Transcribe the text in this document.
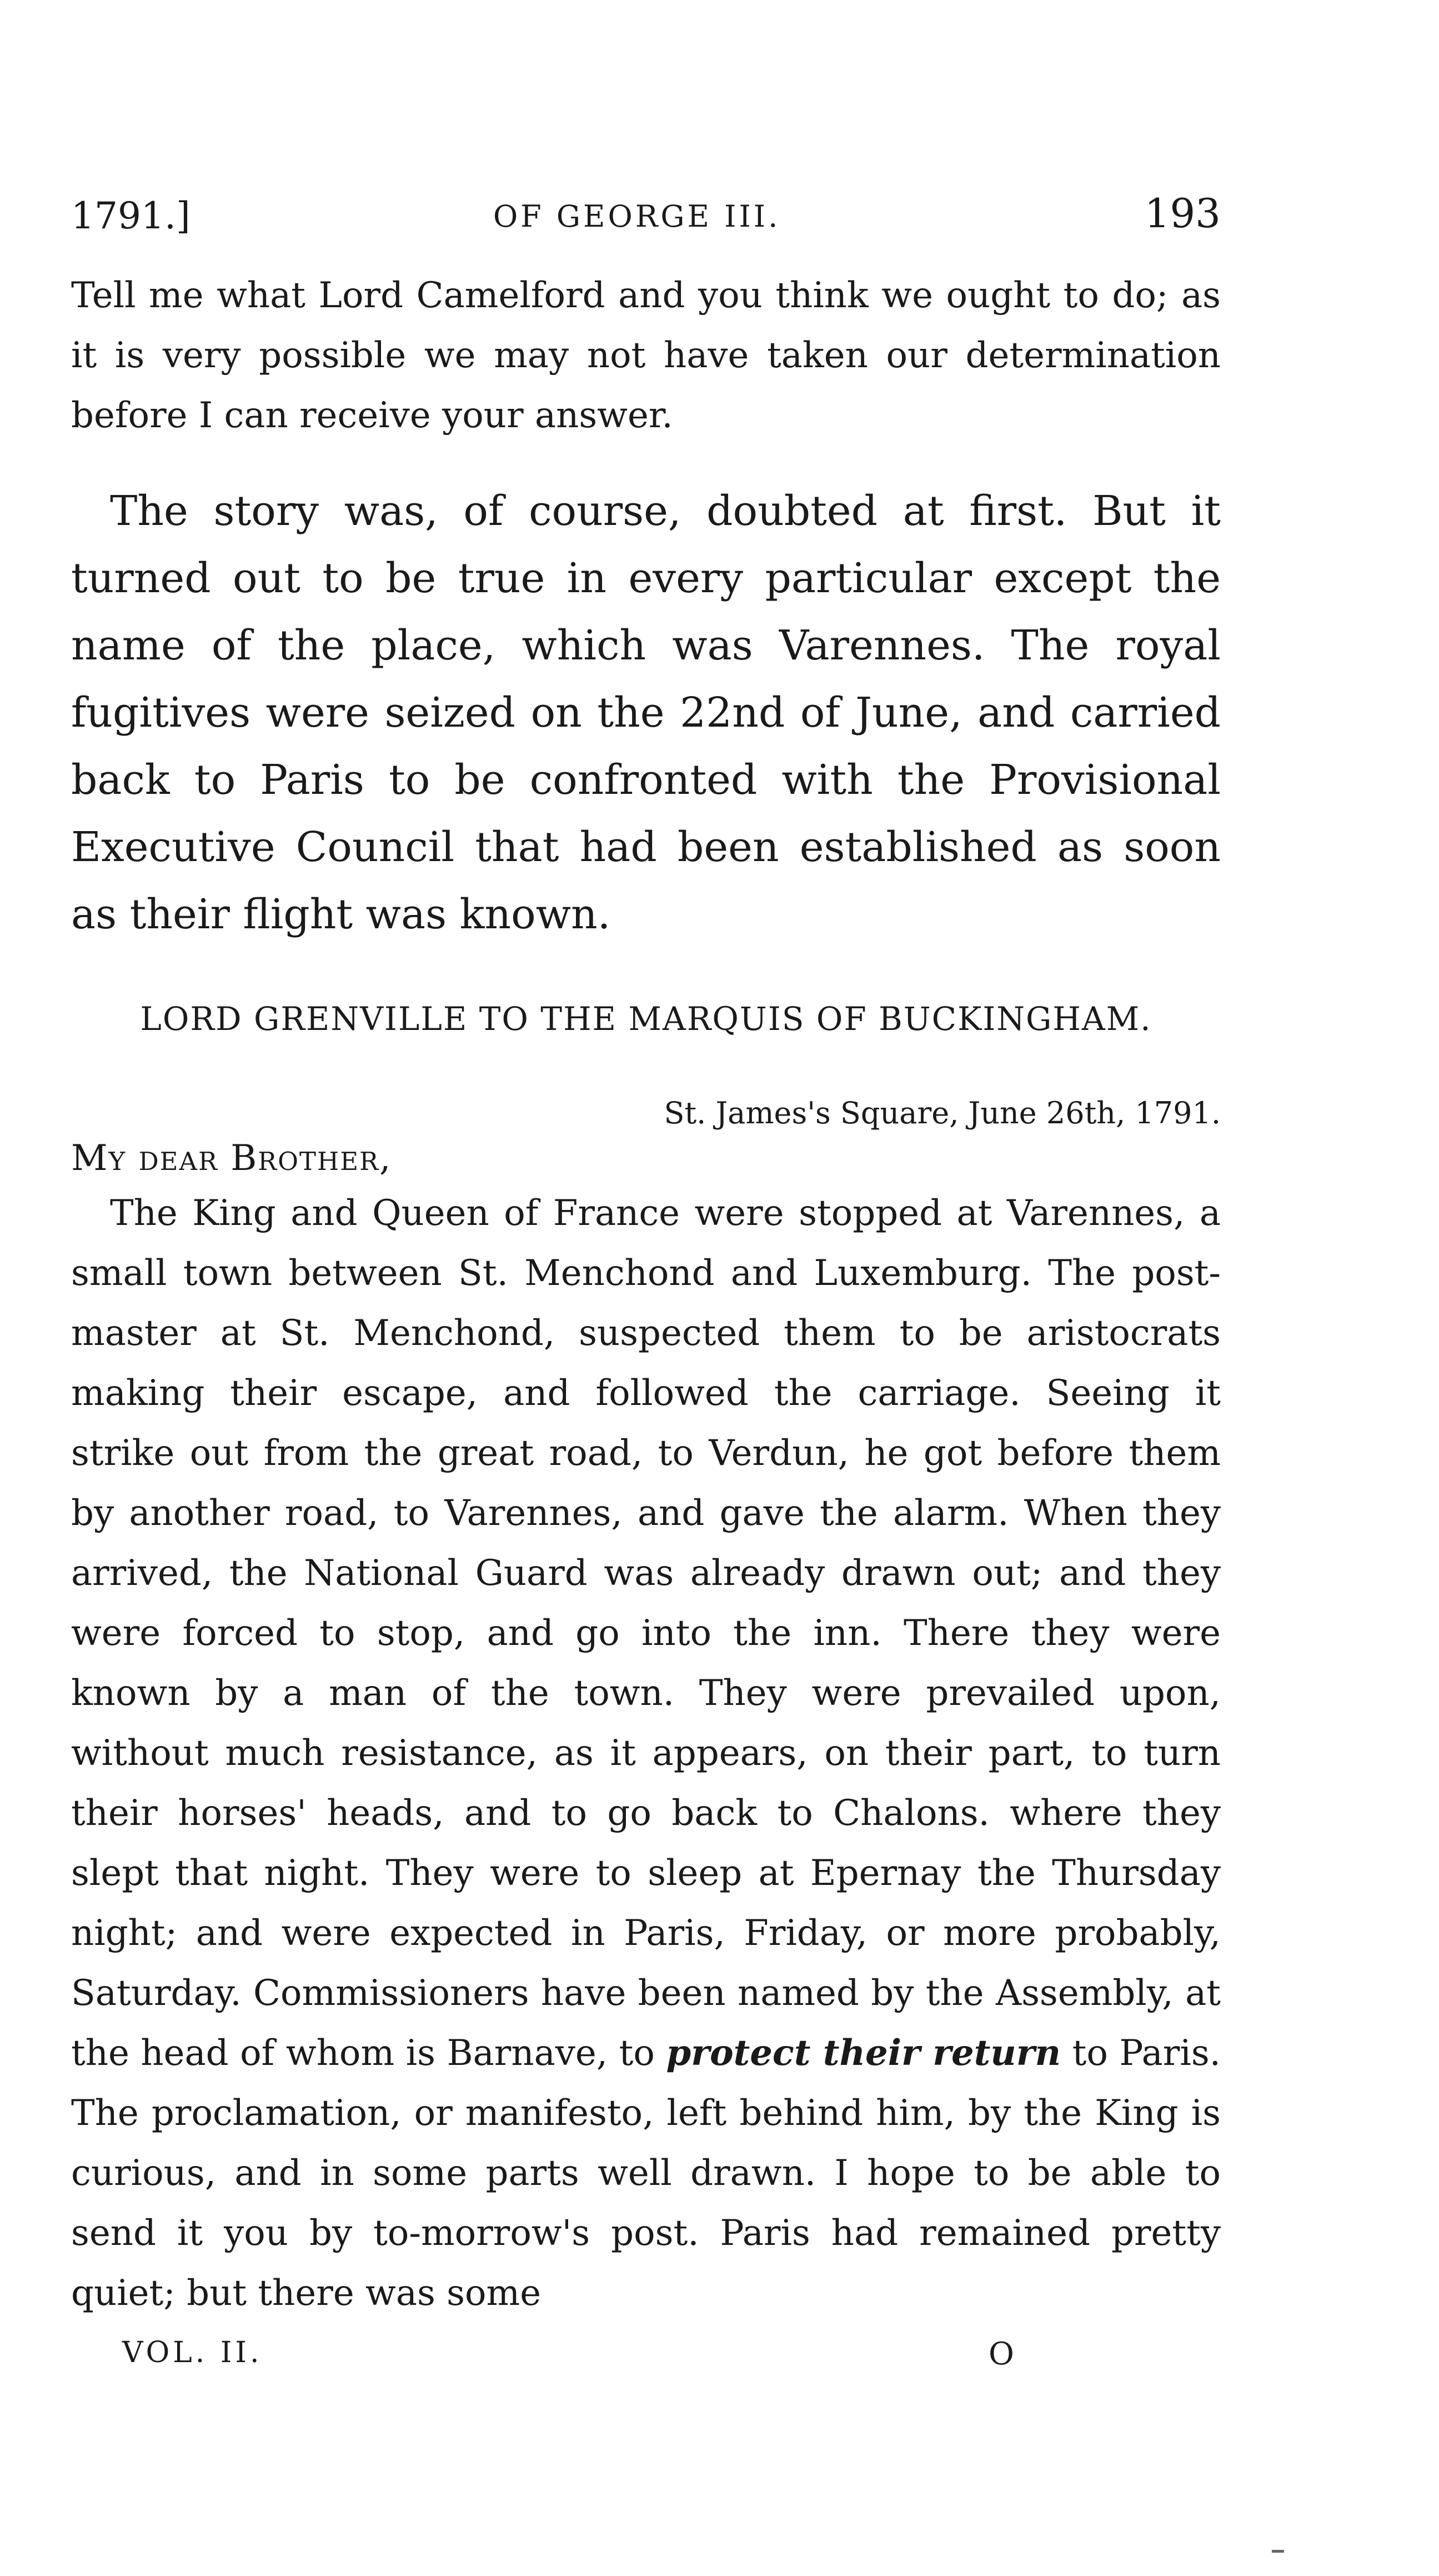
1791.]	OF GEORGE III.	193
Tell me what Lord Camelford and you think we ought to do; as it is very possible we may not have taken our determination before I can receive your answer.
The story was, of course, doubted at first. But it turned out to be true in every particular except the name of the place, which was Varennes. The royal fugitives were seized on the 22nd of June, and carried back to Paris to be confronted with the Provisional Executive Council that had been established as soon as their flight was known.
LORD GRENVILLE TO THE MARQUIS OF BUCKINGHAM.
St. James's Square, June 26th, 1791.
My dear Brother,
The King and Queen of France were stopped at Varennes, a small town between St. Menchond and Luxemburg. The post-master at St. Menchond, suspected them to be aristocrats making their escape, and followed the carriage. Seeing it strike out from the great road, to Verdun, he got before them by another road, to Varennes, and gave the alarm. When they arrived, the National Guard was already drawn out; and they were forced to stop, and go into the inn. There they were known by a man of the town. They were prevailed upon, without much resistance, as it appears, on their part, to turn their horses' heads, and to go back to Chalons. where they slept that night. They were to sleep at Epernay the Thursday night; and were expected in Paris, Friday, or more probably, Saturday. Commissioners have been named by the Assembly, at the head of whom is Barnave, to protect their return to Paris. The proclamation, or manifesto, left behind him, by the King is curious, and in some parts well drawn. I hope to be able to send it you by to-morrow's post. Paris had remained pretty quiet; but there was some
VOL. II.	O
